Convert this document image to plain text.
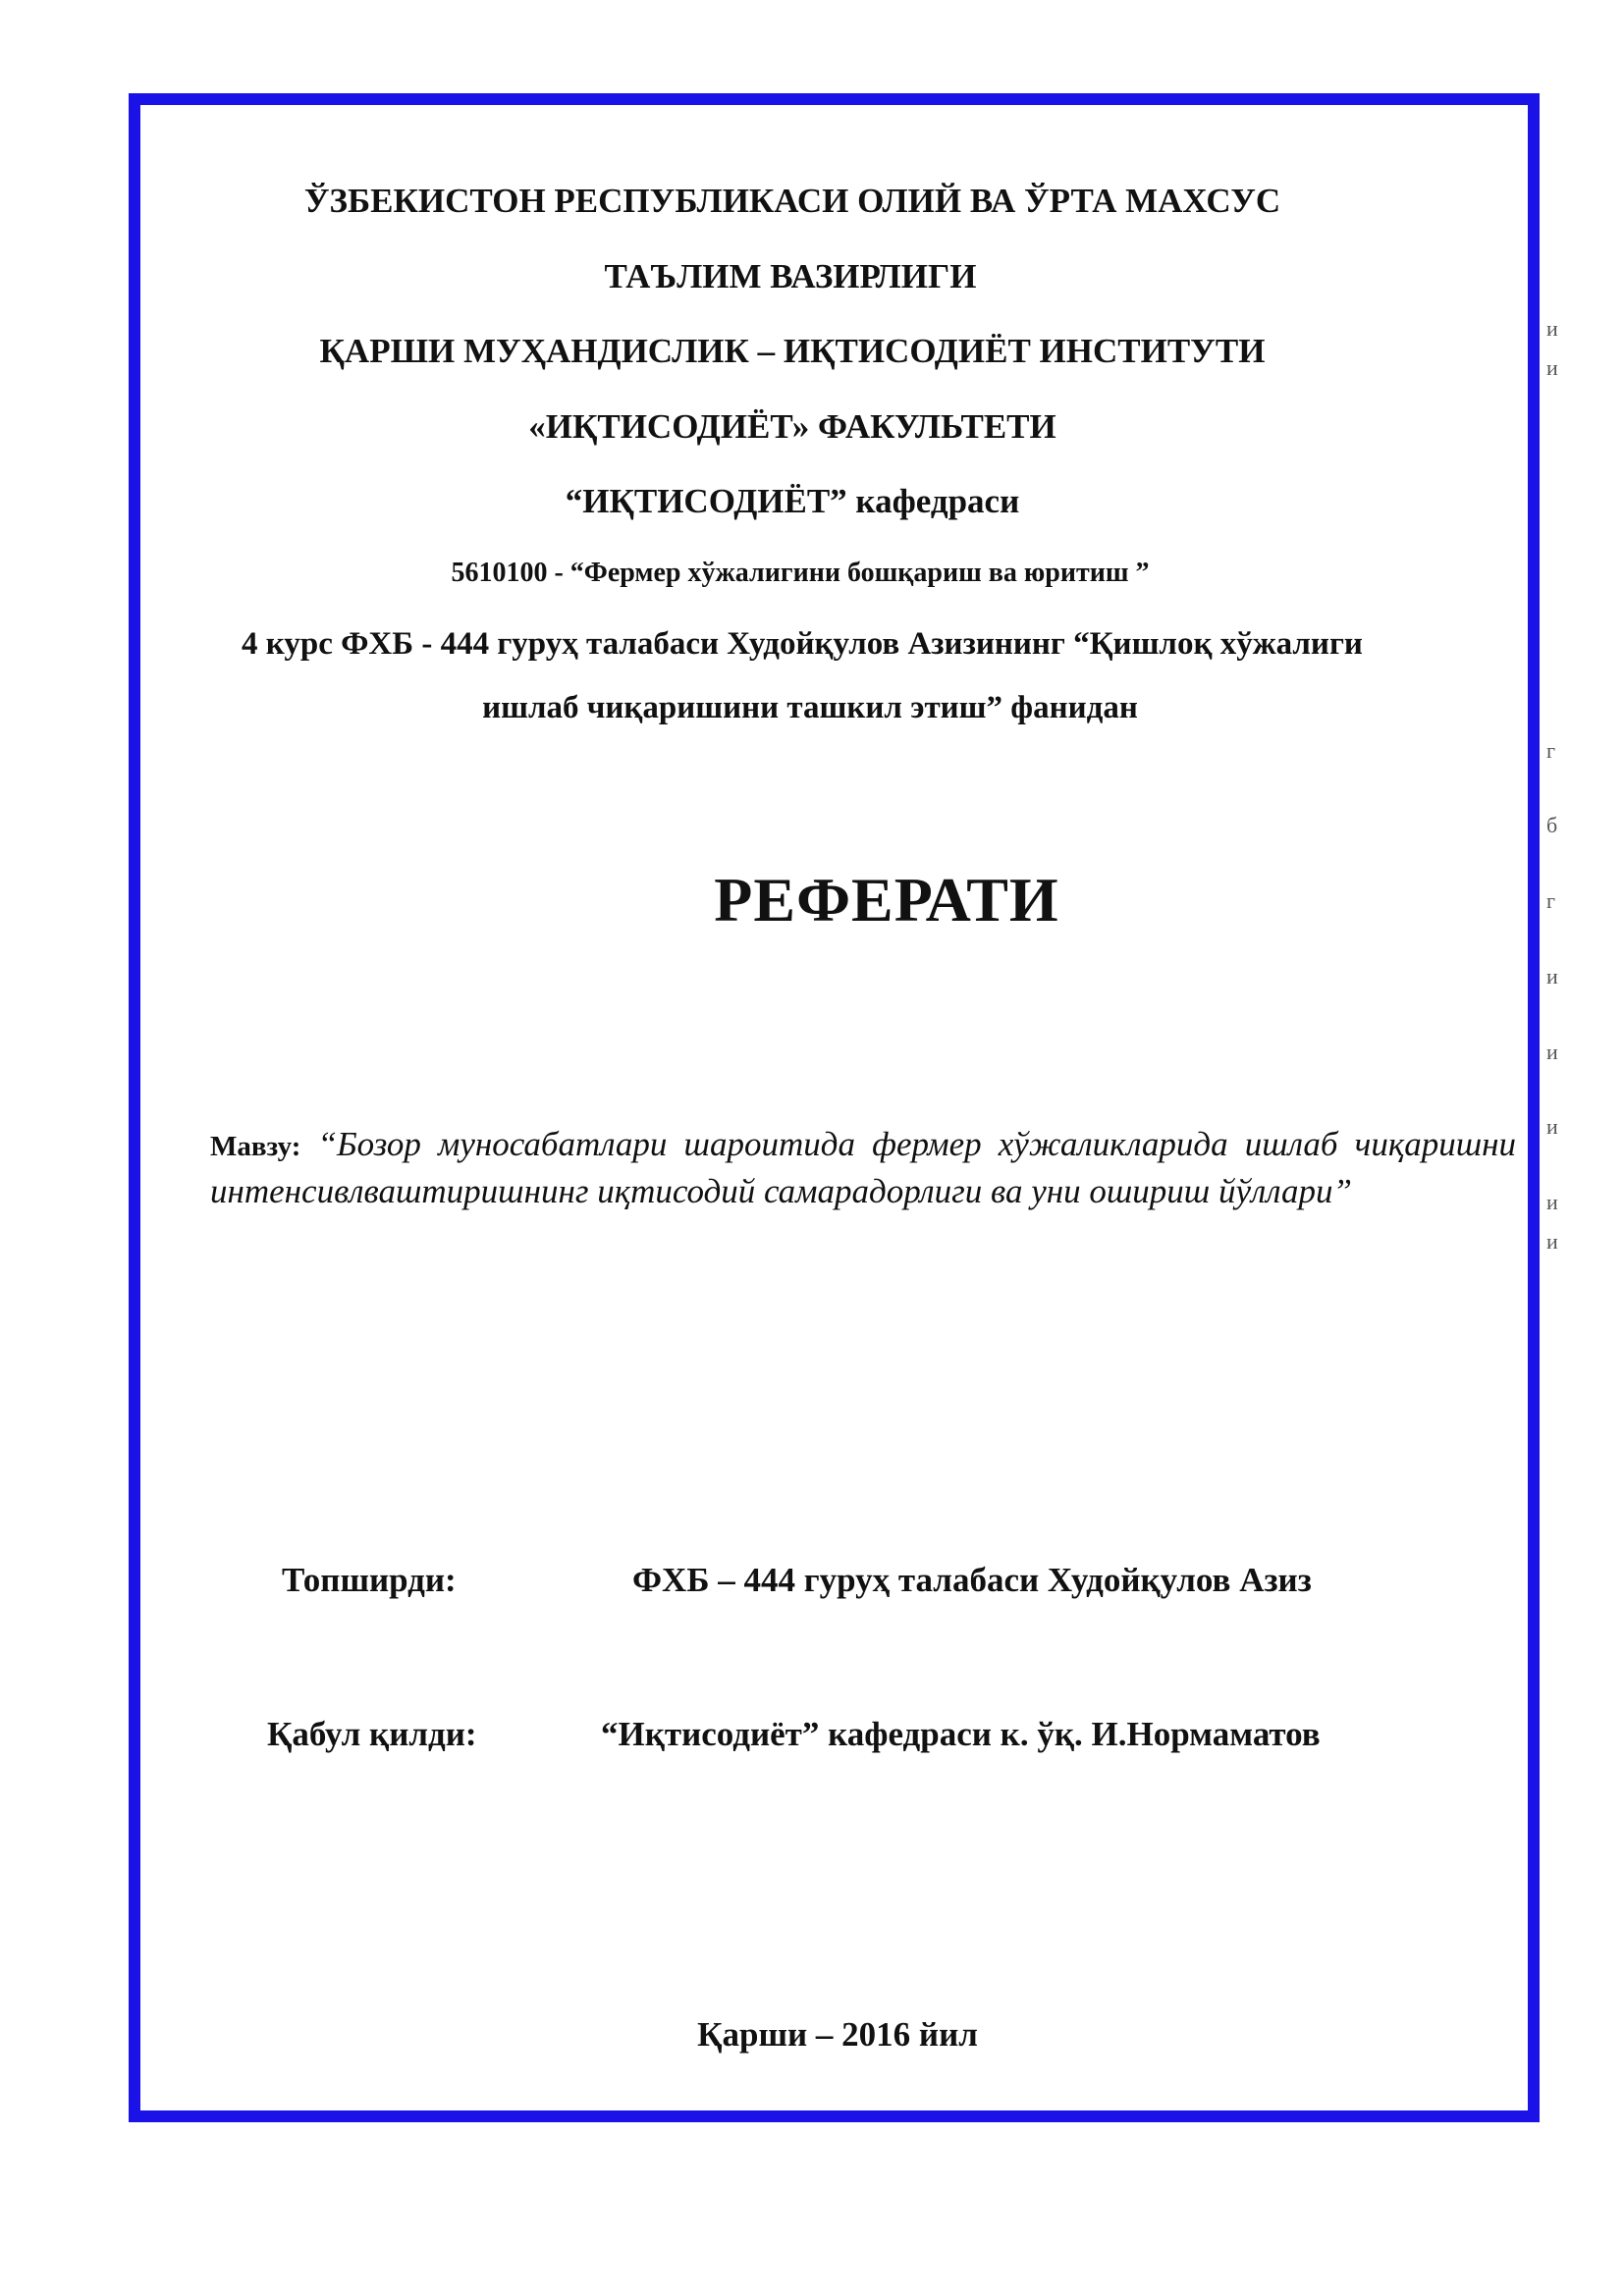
ЎЗБЕКИСТОН РЕСПУБЛИКАСИ ОЛИЙ ВА ЎРТА МАХСУС
ТАЪЛИМ ВАЗИРЛИГИ
ҚАРШИ МУҲАНДИСЛИК – ИҚТИСОДИЁТ ИНСТИТУТИ
«ИҚТИСОДИЁТ» ФАКУЛЬТЕТИ
“ИҚТИСОДИЁТ” кафедраси
5610100 - “Фермер хўжалигини бошқариш ва юритиш ”
4 курс ФХБ - 444 гуруҳ талабаси Худойқулов Азизининг “Қишлоқ хўжалиги
ишлаб чиқаришини ташкил этиш” фанидан
РЕФЕРАТИ
Мавзу: “Бозор муносабатлари шароитида фермер хўжаликларида ишлаб чиқаришни интенсивлваштиришнинг иқтисодий самарадорлиги ва уни ошириш йўллари”
Топширди:	ФХБ – 444 гуруҳ талабаси Худойқулов Азиз
Қабул қилди:	“Иқтисодиёт” кафедраси к. ўқ. И.Нормаматов
Қарши – 2016 йил
и
и
г
б
г
и
и
и
и
и
